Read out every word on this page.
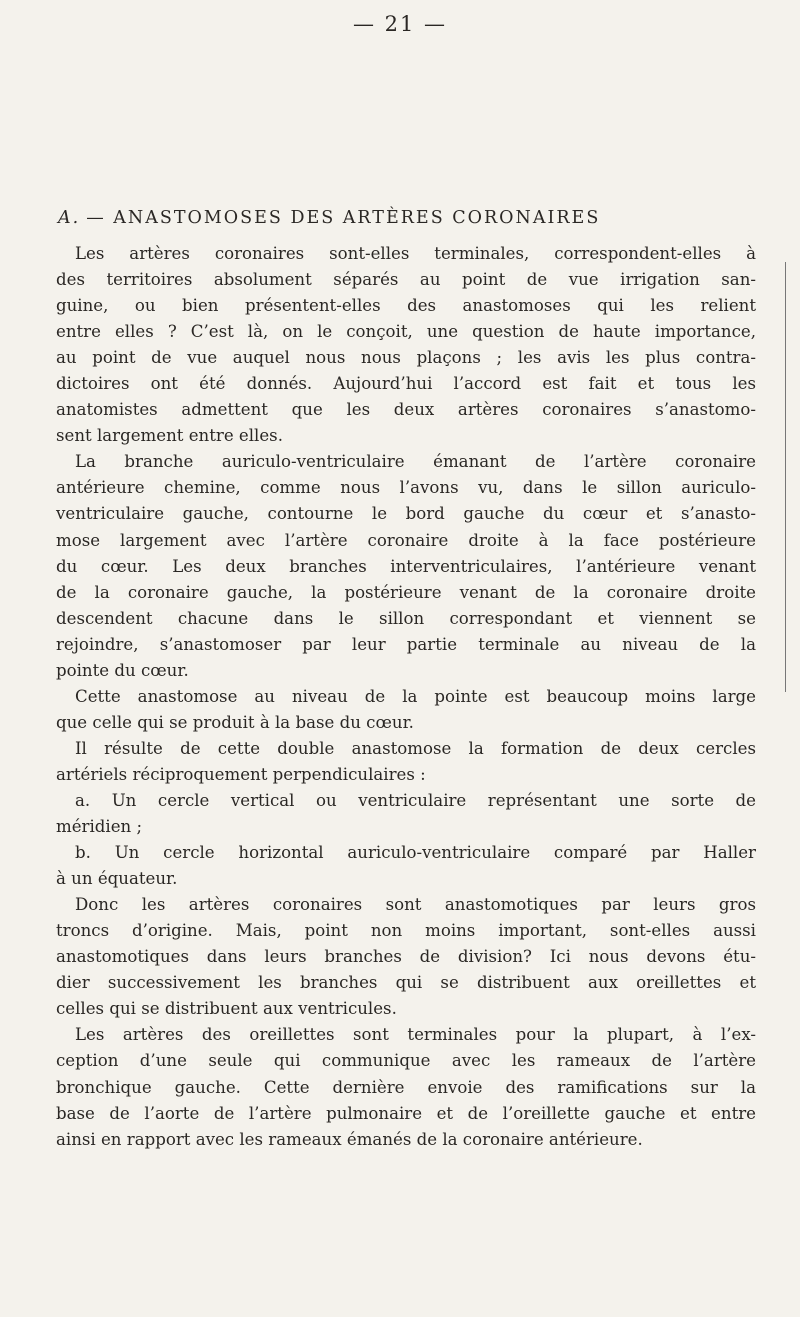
— 21 —
A. — ANASTOMOSES DES ARTÈRES CORONAIRES
Les artères coronaires sont-elles terminales, correspondent-elles à
des territoires absolument séparés au point de vue irrigation san-
guine, ou bien présentent-elles des anastomoses qui les relient
entre elles ? C’est là, on le conçoit, une question de haute importance,
au point de vue auquel nous nous plaçons ; les avis les plus contra-
dictoires ont été donnés. Aujourd’hui l’accord est fait et tous les
anatomistes admettent que les deux artères coronaires s’anastomo-
sent largement entre elles.
La branche auriculo-ventriculaire émanant de l’artère coronaire
antérieure chemine, comme nous l’avons vu, dans le sillon auriculo-
ventriculaire gauche, contourne le bord gauche du cœur et s’anasto-
mose largement avec l’artère coronaire droite à la face postérieure
du cœur. Les deux branches interventriculaires, l’antérieure venant
de la coronaire gauche, la postérieure venant de la coronaire droite
descendent chacune dans le sillon correspondant et viennent se
rejoindre, s’anastomoser par leur partie terminale au niveau de la
pointe du cœur.
Cette anastomose au niveau de la pointe est beaucoup moins large
que celle qui se produit à la base du cœur.
Il résulte de cette double anastomose la formation de deux cercles
artériels réciproquement perpendiculaires :
a. Un cercle vertical ou ventriculaire représentant une sorte de
méridien ;
b. Un cercle horizontal auriculo-ventriculaire comparé par Haller
à un équateur.
Donc les artères coronaires sont anastomotiques par leurs gros
troncs d’origine. Mais, point non moins important, sont-elles aussi
anastomotiques dans leurs branches de division? Ici nous devons étu-
dier successivement les branches qui se distribuent aux oreillettes et
celles qui se distribuent aux ventricules.
Les artères des oreillettes sont terminales pour la plupart, à l’ex-
ception d’une seule qui communique avec les rameaux de l’artère
bronchique gauche. Cette dernière envoie des ramifications sur la
base de l’aorte de l’artère pulmonaire et de l’oreillette gauche et entre
ainsi en rapport avec les rameaux émanés de la coronaire antérieure.
